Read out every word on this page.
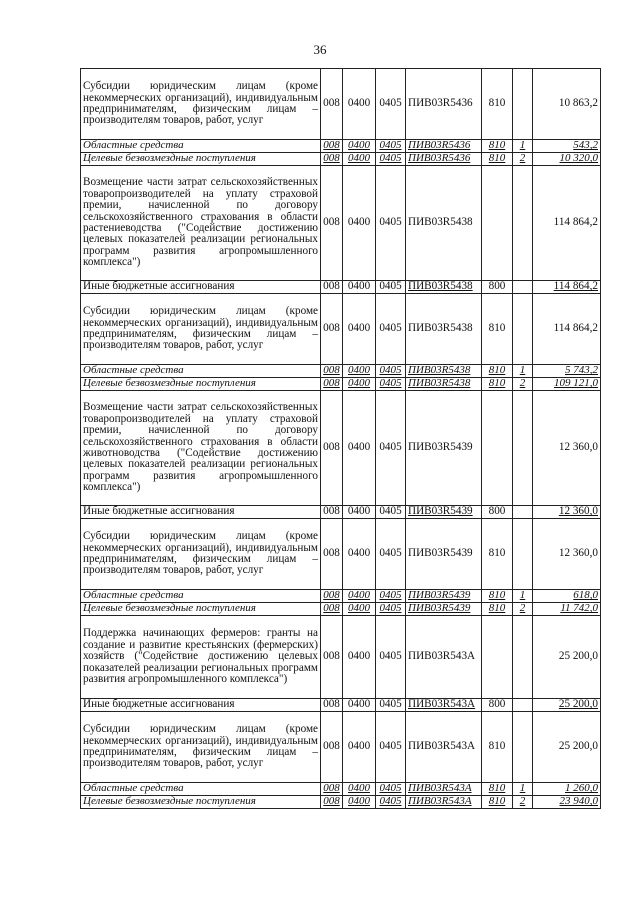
36
Субсидии юридическим лицам (кроме некоммерческих организаций), индивидуальным предпринимателям, физическим лицам – производителям товаров, работ, услуг	008	0400	0405	ПИВ03R5436	810		10 863,2
Областные средства	008	0400	0405	ПИВ03R5436	810	1	543,2
Целевые безвозмездные поступления	008	0400	0405	ПИВ03R5436	810	2	10 320,0
Возмещение части затрат сельскохозяйственных товаропроизводителей на уплату страховой премии, начисленной по договору сельскохозяйственного страхования в области растениеводства ("Содействие достижению целевых показателей реализации региональных программ развития агропромышленного комплекса")	008	0400	0405	ПИВ03R5438			114 864,2
Иные бюджетные ассигнования	008	0400	0405	ПИВ03R5438	800		114 864,2
Субсидии юридическим лицам (кроме некоммерческих организаций), индивидуальным предпринимателям, физическим лицам – производителям товаров, работ, услуг	008	0400	0405	ПИВ03R5438	810		114 864,2
Областные средства	008	0400	0405	ПИВ03R5438	810	1	5 743,2
Целевые безвозмездные поступления	008	0400	0405	ПИВ03R5438	810	2	109 121,0
Возмещение части затрат сельскохозяйственных товаропроизводителей на уплату страховой премии, начисленной по договору сельскохозяйственного страхования в области животноводства ("Содействие достижению целевых показателей реализации региональных программ развития агропромышленного комплекса")	008	0400	0405	ПИВ03R5439			12 360,0
Иные бюджетные ассигнования	008	0400	0405	ПИВ03R5439	800		12 360,0
Субсидии юридическим лицам (кроме некоммерческих организаций), индивидуальным предпринимателям, физическим лицам – производителям товаров, работ, услуг	008	0400	0405	ПИВ03R5439	810		12 360,0
Областные средства	008	0400	0405	ПИВ03R5439	810	1	618,0
Целевые безвозмездные поступления	008	0400	0405	ПИВ03R5439	810	2	11 742,0
Поддержка начинающих фермеров: гранты на создание и развитие крестьянских (фермерских) хозяйств ("Содействие достижению целевых показателей реализации региональных программ развития агропромышленного комплекса")	008	0400	0405	ПИВ03R543А			25 200,0
Иные бюджетные ассигнования	008	0400	0405	ПИВ03R543А	800		25 200,0
Субсидии юридическим лицам (кроме некоммерческих организаций), индивидуальным предпринимателям, физическим лицам – производителям товаров, работ, услуг	008	0400	0405	ПИВ03R543А	810		25 200,0
Областные средства	008	0400	0405	ПИВ03R543А	810	1	1 260,0
Целевые безвозмездные поступления	008	0400	0405	ПИВ03R543А	810	2	23 940,0
